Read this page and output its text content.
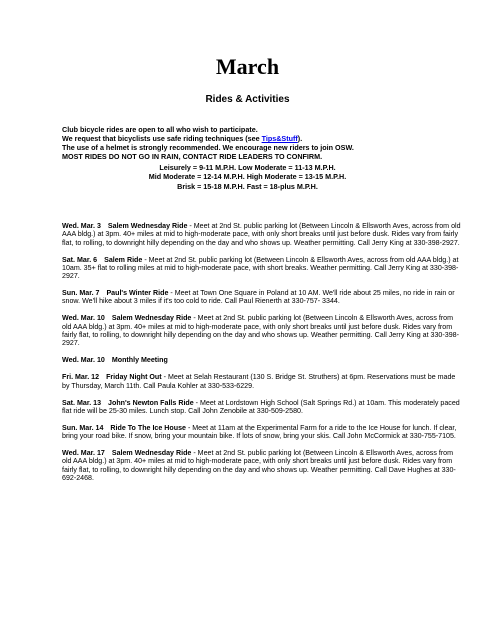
March
Rides & Activities
Club bicycle rides are open to all who wish to participate.
We request that bicyclists use safe riding techniques (see Tips&Stuff).
The use of a helmet is strongly recommended. We encourage new riders to join OSW.
MOST RIDES DO NOT GO IN RAIN, CONTACT RIDE LEADERS TO CONFIRM.
Leisurely = 9-11 M.P.H. Low Moderate = 11-13 M.P.H.
Mid Moderate = 12-14 M.P.H. High Moderate = 13-15 M.P.H.
Brisk = 15-18 M.P.H. Fast = 18-plus M.P.H.
Wed. Mar. 3 Salem Wednesday Ride - Meet at 2nd St. public parking lot (Between Lincoln & Ellsworth Aves, across from old AAA bldg.) at 3pm. 40+ miles at mid to high-moderate pace, with only short breaks until just before dusk. Rides vary from fairly flat, to rolling, to downright hilly depending on the day and who shows up. Weather permitting. Call Jerry King at 330-398-2927.
Sat. Mar. 6 Salem Ride - Meet at 2nd St. public parking lot (Between Lincoln & Ellsworth Aves, across from old AAA bldg.) at 10am. 35+ flat to rolling miles at mid to high-moderate pace, with short breaks. Weather permitting. Call Jerry King at 330-398-2927.
Sun. Mar. 7 Paul's Winter Ride - Meet at Town One Square in Poland at 10 AM. We'll ride about 25 miles, no ride in rain or snow. We'll hike about 3 miles if it's too cold to ride. Call Paul Rienerth at 330-757- 3344.
Wed. Mar. 10 Salem Wednesday Ride - Meet at 2nd St. public parking lot (Between Lincoln & Ellsworth Aves, across from old AAA bldg.) at 3pm. 40+ miles at mid to high-moderate pace, with only short breaks until just before dusk. Rides vary from fairly flat, to rolling, to downright hilly depending on the day and who shows up. Weather permitting. Call Jerry King at 330-398-2927.
Wed. Mar. 10 Monthly Meeting
Fri. Mar. 12 Friday Night Out - Meet at Selah Restaurant (130 S. Bridge St. Struthers) at 6pm. Reservations must be made by Thursday, March 11th. Call Paula Kohler at 330-533-6229.
Sat. Mar. 13 John's Newton Falls Ride - Meet at Lordstown High School (Salt Springs Rd.) at 10am. This moderately paced flat ride will be 25-30 miles. Lunch stop. Call John Zenobile at 330-509-2580.
Sun. Mar. 14 Ride To The Ice House - Meet at 11am at the Experimental Farm for a ride to the Ice House for lunch. If clear, bring your road bike. If snow, bring your mountain bike. If lots of snow, bring your skis. Call John McCormick at 330-755-7105.
Wed. Mar. 17 Salem Wednesday Ride - Meet at 2nd St. public parking lot (Between Lincoln & Ellsworth Aves, across from old AAA bldg.) at 3pm. 40+ miles at mid to high-moderate pace, with only short breaks until just before dusk. Rides vary from fairly flat, to rolling, to downright hilly depending on the day and who shows up. Weather permitting. Call Dave Hughes at 330-692-2468.
